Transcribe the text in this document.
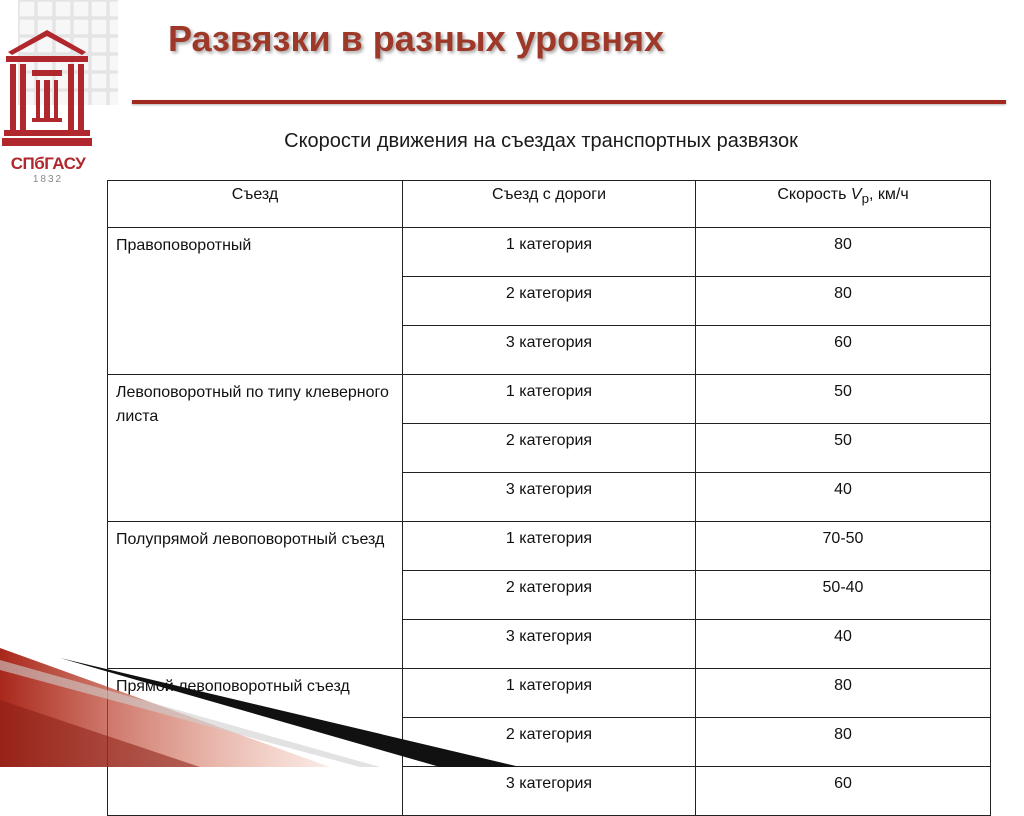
СПбГАСУ
1832
Развязки в разных уровнях
Скорости движения на съездах транспортных развязок
Съезд	Съезд с дороги	Скорость $V_р$, км/ч
Правоповоротный	1 категория	80
	2 категория	80
	3 категория	60
Левоповоротный по типу клеверного листа	1 категория	50
	2 категория	50
	3 категория	40
Полупрямой левоповоротный съезд	1 категория	70-50
	2 категория	50-40
	3 категория	40
Прямой левоповоротный съезд	1 категория	80
	2 категория	80
	3 категория	60
